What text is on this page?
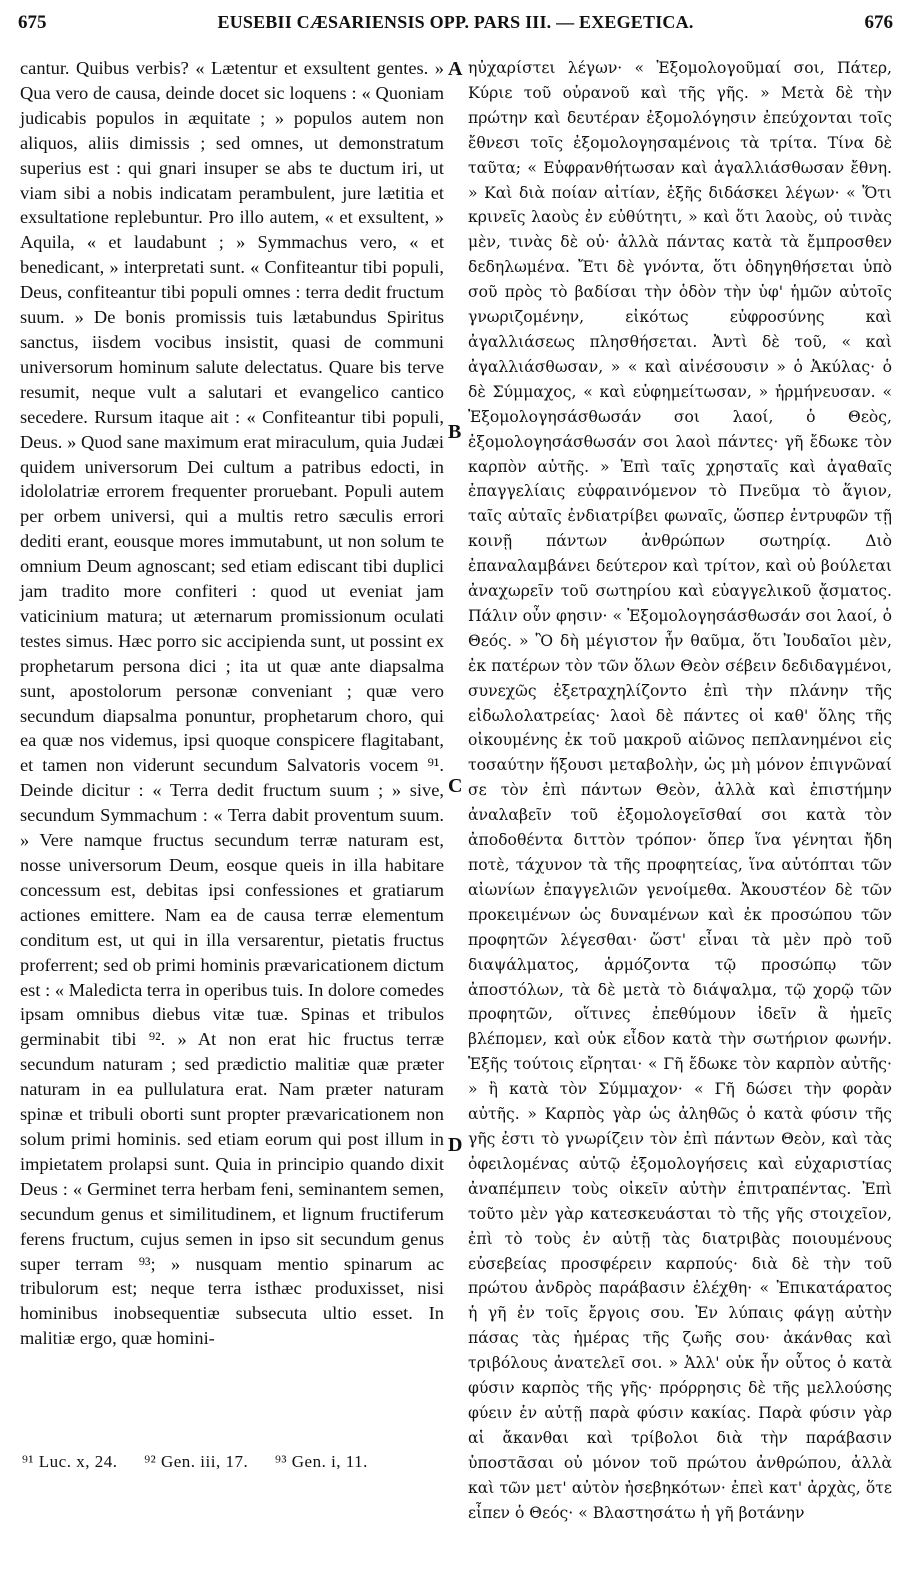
675	EUSEBII CÆSARIENSIS OPP. PARS III. — EXEGETICA.	676

cantur. Quibus verbis? « Lætentur et exsultent gentes. » Qua vero de causa, deinde docet sic loquens : « Quoniam judicabis populos in æquitate ; » populos autem non aliquos, aliis dimissis ; sed omnes, ut demonstratum superius est : qui gnari insuper se abs te ductum iri, ut viam sibi a nobis indicatam perambulent, jure lætitia et exsultatione replebuntur. Pro illo autem, « et exsultent, » Aquila, « et laudabunt ; » Symmachus vero, « et benedicant, » interpretati sunt. « Confiteantur tibi populi, Deus, confiteantur tibi populi omnes : terra dedit fructum suum. » De bonis promissis tuis lætabundus Spiritus sanctus, iisdem vocibus insistit, quasi de communi universorum hominum salute delectatus. Quare bis terve resumit, neque vult a salutari et evangelico cantico secedere. Rursum itaque ait : « Confiteantur tibi populi, Deus. » Quod sane maximum erat miraculum, quia Judæi quidem universorum Dei cultum a patribus edocti, in idololatriæ errorem frequenter proruebant. Populi autem per orbem universi, qui a multis retro sæculis errori dediti erant, eousque mores immutabunt, ut non solum te omnium Deum agnoscant; sed etiam ediscant tibi duplici jam tradito more confiteri : quod ut eveniat jam vaticinium matura; ut æternarum promissionum oculati testes simus. Hæc porro sic accipienda sunt, ut possint ex prophetarum persona dici ; ita ut quæ ante diapsalma sunt, apostolorum personæ conveniant ; quæ vero secundum diapsalma ponuntur, prophetarum choro, qui ea quæ nos videmus, ipsi quoque conspicere flagitabant, et tamen non viderunt secundum Salvatoris vocem ⁹¹. Deinde dicitur : « Terra dedit fructum suum ; » sive, secundum Symmachum : « Terra dabit proventum suum. » Vere namque fructus secundum terræ naturam est, nosse universorum Deum, eosque queis in illa habitare concessum est, debitas ipsi confessiones et gratiarum actiones emittere. Nam ea de causa terræ elementum conditum est, ut qui in illa versarentur, pietatis fructus proferrent; sed ob primi hominis prævaricationem dictum est : « Maledicta terra in operibus tuis. In dolore comedes ipsam omnibus diebus vitæ tuæ. Spinas et tribulos germinabit tibi ⁹². » At non erat hic fructus terræ secundum naturam ; sed prædictio malitiæ quæ præter naturam in ea pullulatura erat. Nam præter naturam spinæ et tribuli oborti sunt propter prævaricationem non solum primi hominis. sed etiam eorum qui post illum in impietatem prolapsi sunt. Quia in principio quando dixit Deus : « Germinet terra herbam feni, seminantem semen, secundum genus et similitudinem, et lignum fructiferum ferens fructum, cujus semen in ipso sit secundum genus super terram ⁹³; » nusquam mentio spinarum ac tribulorum est; neque terra isthæc produxisset, nisi hominibus inobsequentiæ subsecuta ultio esset. In malitiæ ergo, quæ homini-

ηὐχαρίστει λέγων· « Ἐξομολογοῦμαί σοι, Πάτερ, Κύριε τοῦ οὐρανοῦ καὶ τῆς γῆς. » Μετὰ δὲ τὴν πρώτην καὶ δευτέραν ἐξομολόγησιν ἐπεύχονται τοῖς ἔθνεσι τοῖς ἐξομολογησαμένοις τὰ τρίτα. Τίνα δὲ ταῦτα; « Εὐφρανθήτωσαν καὶ ἀγαλλιάσθωσαν ἔθνη. » Καὶ διὰ ποίαν αἰτίαν, ἑξῆς διδάσκει λέγων· « Ὅτι κρινεῖς λαοὺς ἐν εὐθύτητι, » καὶ ὅτι λαοὺς, οὐ τινὰς μὲν, τινὰς δὲ οὐ· ἀλλὰ πάντας κατὰ τὰ ἔμπροσθεν δεδηλωμένα. Ἔτι δὲ γνόντα, ὅτι ὁδηγηθήσεται ὑπὸ σοῦ πρὸς τὸ βαδίσαι τὴν ὁδὸν τὴν ὑφ' ἡμῶν αὐτοῖς γνωριζομένην, εἰκότως εὐφροσύνης καὶ ἀγαλλιάσεως πλησθήσεται. Ἀντὶ δὲ τοῦ, « καὶ ἀγαλλιάσθωσαν, » « καὶ αἰνέσουσιν » ὁ Ἀκύλας· ὁ δὲ Σύμμαχος, « καὶ εὐφημείτωσαν, » ἡρμήνευσαν. « Ἐξομολογησάσθωσάν σοι λαοί, ὁ Θεὸς, ἐξομολογησάσθωσάν σοι λαοὶ πάντες· γῆ ἔδωκε τὸν καρπὸν αὐτῆς. » Ἐπὶ ταῖς χρησταῖς καὶ ἀγαθαῖς ἐπαγγελίαις εὐφραινόμενον τὸ Πνεῦμα τὸ ἅγιον, ταῖς αὐταῖς ἐνδιατρίβει φωναῖς, ὥσπερ ἐντρυφῶν τῇ κοινῇ πάντων ἀνθρώπων σωτηρίᾳ. Διὸ ἐπαναλαμβάνει δεύτερον καὶ τρίτον, καὶ οὐ βούλεται ἀναχωρεῖν τοῦ σωτηρίου καὶ εὐαγγελικοῦ ᾄσματος. Πάλιν οὖν φησιν· « Ἐξομολογησάσθωσάν σοι λαοί, ὁ Θεός. » Ὃ δὴ μέγιστον ἦν θαῦμα, ὅτι Ἰουδαῖοι μὲν, ἐκ πατέρων τὸν τῶν ὅλων Θεὸν σέβειν δεδιδαγμένοι, συνεχῶς ἐξετραχηλίζοντο ἐπὶ τὴν πλάνην τῆς εἰδωλολατρείας· λαοὶ δὲ πάντες οἱ καθ' ὅλης τῆς οἰκουμένης ἐκ τοῦ μακροῦ αἰῶνος πεπλανημένοι εἰς τοσαύτην ἥξουσι μεταβολὴν, ὡς μὴ μόνον ἐπιγνῶναί σε τὸν ἐπὶ πάντων Θεὸν, ἀλλὰ καὶ ἐπιστήμην ἀναλαβεῖν τοῦ ἐξομολογεῖσθαί σοι κατὰ τὸν ἀποδοθέντα διττὸν τρόπον· ὅπερ ἵνα γένηται ἤδη ποτὲ, τάχυνον τὰ τῆς προφητείας, ἵνα αὐτόπται τῶν αἰωνίων ἐπαγγελιῶν γενοίμεθα. Ἀκουστέον δὲ τῶν προκειμένων ὡς δυναμένων καὶ ἐκ προσώπου τῶν προφητῶν λέγεσθαι· ὥστ' εἶναι τὰ μὲν πρὸ τοῦ διαψάλματος, ἁρμόζοντα τῷ προσώπῳ τῶν ἀποστόλων, τὰ δὲ μετὰ τὸ διάψαλμα, τῷ χορῷ τῶν προφητῶν, οἵτινες ἐπεθύμουν ἰδεῖν ἃ ἡμεῖς βλέπομεν, καὶ οὐκ εἶδον κατὰ τὴν σωτήριον φωνήν. Ἑξῆς τούτοις εἴρηται· « Γῆ ἔδωκε τὸν καρπὸν αὐτῆς· » ἢ κατὰ τὸν Σύμμαχον· « Γῆ δώσει τὴν φορὰν αὐτῆς. » Καρπὸς γὰρ ὡς ἀληθῶς ὁ κατὰ φύσιν τῆς γῆς ἐστι τὸ γνωρίζειν τὸν ἐπὶ πάντων Θεὸν, καὶ τὰς ὀφειλομένας αὐτῷ ἐξομολογήσεις καὶ εὐχαριστίας ἀναπέμπειν τοὺς οἰκεῖν αὐτὴν ἐπιτραπέντας. Ἐπὶ τοῦτο μὲν γὰρ κατεσκευάσται τὸ τῆς γῆς στοιχεῖον, ἐπὶ τὸ τοὺς ἐν αὐτῇ τὰς διατριβὰς ποιουμένους εὐσεβείας προσφέρειν καρπούς· διὰ δὲ τὴν τοῦ πρώτου ἀνδρὸς παράβασιν ἐλέχθη· « Ἐπικατάρατος ἡ γῆ ἐν τοῖς ἔργοις σου. Ἐν λύπαις φάγῃ αὐτὴν πάσας τὰς ἡμέρας τῆς ζωῆς σου· ἀκάνθας καὶ τριβόλους ἀνατελεῖ σοι. » Ἀλλ' οὐκ ἦν οὗτος ὁ κατὰ φύσιν καρπὸς τῆς γῆς· πρόρρησις δὲ τῆς μελλούσης φύειν ἐν αὐτῇ παρὰ φύσιν κακίας. Παρὰ φύσιν γὰρ αἱ ἄκανθαι καὶ τρίβολοι διὰ τὴν παράβασιν ὑποστᾶσαι οὐ μόνον τοῦ πρώτου ἀνθρώπου, ἀλλὰ καὶ τῶν μετ' αὐτὸν ἠσεβηκότων· ἐπεὶ κατ' ἀρχὰς, ὅτε εἶπεν ὁ Θεός· « Βλαστησάτω ἡ γῆ βοτάνην

A
B
C
D
⁹¹ Luc. x, 24. ⁹² Gen. iii, 17. ⁹³ Gen. i, 11.
